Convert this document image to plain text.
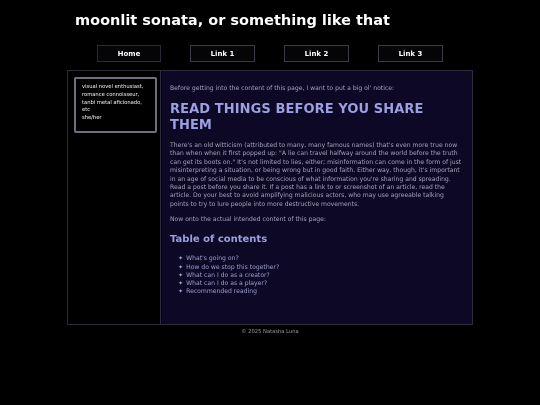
moonlit sonata, or something like that
Home	Link 1	Link 2	Link 3
visual novel enthusiast,
romance connoisseur,
tanbi metal aficionado,
etc
she/her

Before getting into the content of this page, I want to put a big ol' notice:

READ THINGS BEFORE YOU SHARE THEM

There's an old witticism (attributed to many, many famous names) that's even more true now than when when it first popped up: "A lie can travel halfway around the world before the truth can get its boots on." It's not limited to lies, either; misinformation can come in the form of just misinterpreting a situation, or being wrong but in good faith. Either way, though, it's important in an age of social media to be conscious of what information you're sharing and spreading. Read a post before you share it. If a post has a link to or screenshot of an article, read the article. Do your best to avoid amplifying malicious actors, who may use agreeable talking points to try to lure people into more destructive movements.

Now onto the actual intended content of this page:

Table of contents
✦ What's going on?
✦ How do we stop this together?
✦ What can I do as a creator?
✦ What can I do as a player?
✦ Recommended reading
© 2025 Natasha Luna
